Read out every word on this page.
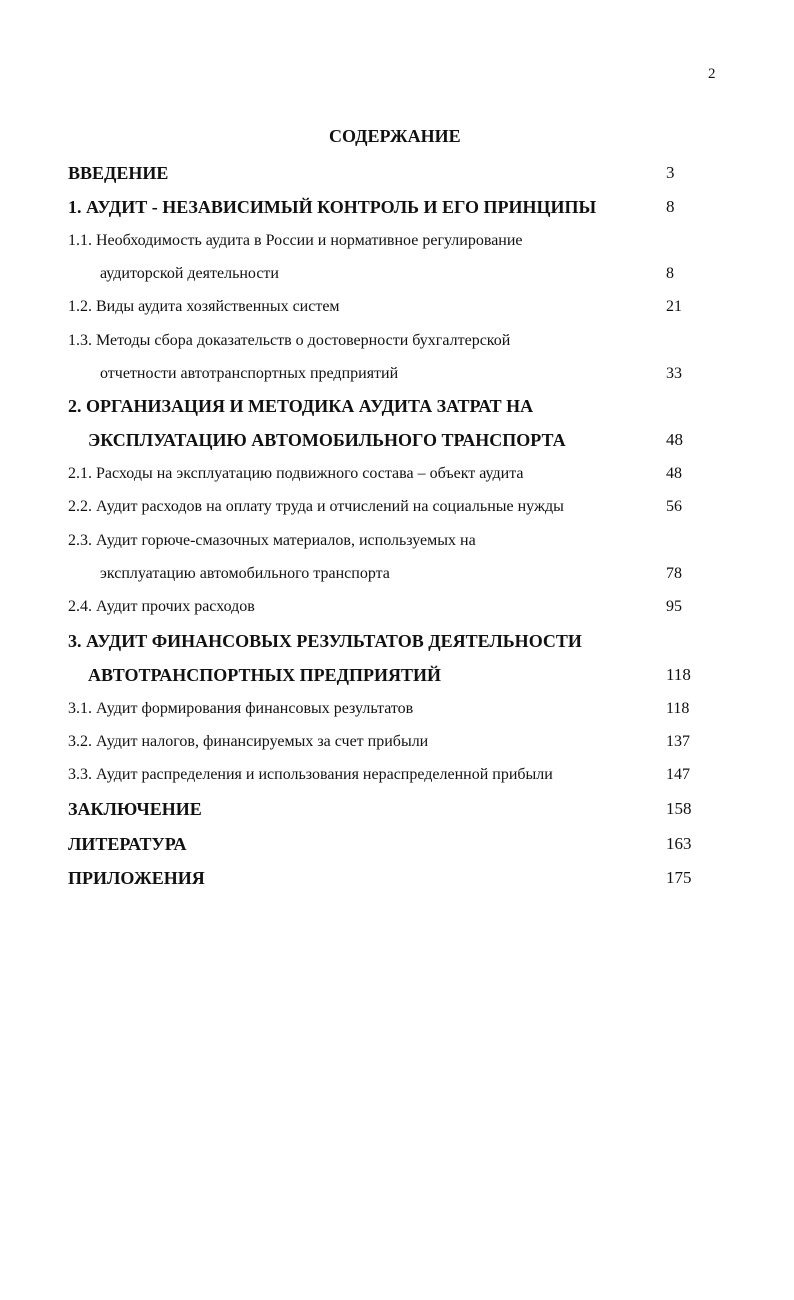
2
СОДЕРЖАНИЕ
ВВЕДЕНИЕ	3
1. АУДИТ - НЕЗАВИСИМЫЙ КОНТРОЛЬ И ЕГО ПРИНЦИПЫ	8
1.1. Необходимость аудита в России и нормативное регулирование
аудиторской деятельности	8
1.2. Виды аудита хозяйственных систем	21
1.3. Методы сбора доказательств о достоверности бухгалтерской
отчетности автотранспортных предприятий	33
2. ОРГАНИЗАЦИЯ И МЕТОДИКА АУДИТА ЗАТРАТ НА
ЭКСПЛУАТАЦИЮ АВТОМОБИЛЬНОГО ТРАНСПОРТА	48
2.1. Расходы на эксплуатацию подвижного состава – объект аудита	48
2.2. Аудит расходов на оплату труда и отчислений на социальные нужды	56
2.3. Аудит горюче-смазочных материалов, используемых на
эксплуатацию автомобильного транспорта	78
2.4. Аудит прочих расходов	95
3. АУДИТ ФИНАНСОВЫХ РЕЗУЛЬТАТОВ ДЕЯТЕЛЬНОСТИ
АВТОТРАНСПОРТНЫХ ПРЕДПРИЯТИЙ	118
3.1. Аудит формирования финансовых результатов	118
3.2. Аудит налогов, финансируемых за счет прибыли	137
3.3. Аудит распределения и использования нераспределенной прибыли	147
ЗАКЛЮЧЕНИЕ	158
ЛИТЕРАТУРА	163
ПРИЛОЖЕНИЯ	175
